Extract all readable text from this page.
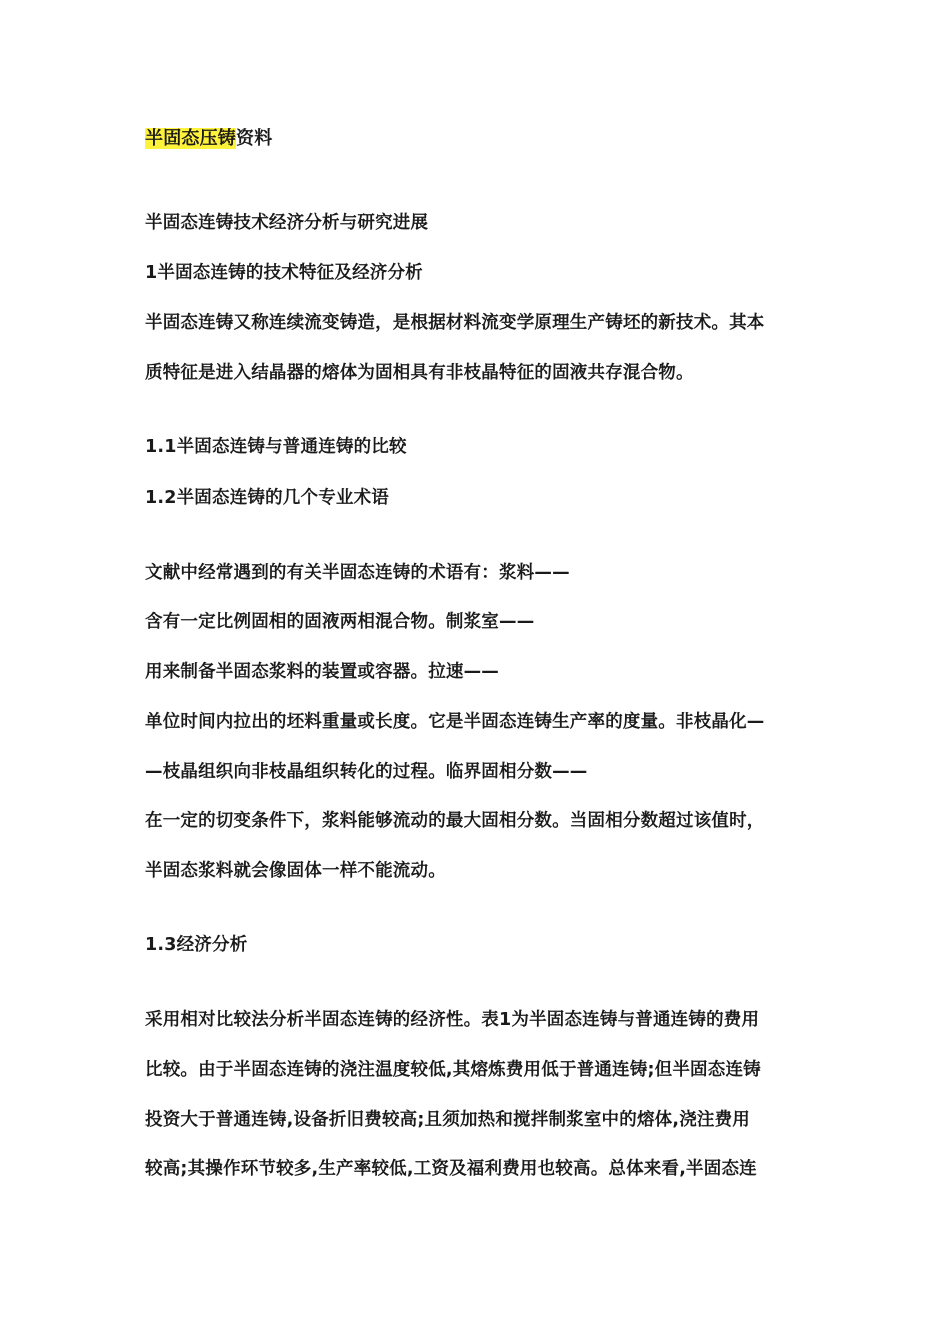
半固态压铸资料
半固态连铸技术经济分析与研究进展
1半固态连铸的技术特征及经济分析
半固态连铸又称连续流变铸造，是根据材料流变学原理生产铸坯的新技术。其本
质特征是进入结晶器的熔体为固相具有非枝晶特征的固液共存混合物。
1.1半固态连铸与普通连铸的比较
1.2半固态连铸的几个专业术语
文献中经常遇到的有关半固态连铸的术语有：浆料——
含有一定比例固相的固液两相混合物。制浆室——
用来制备半固态浆料的装置或容器。拉速——
单位时间内拉出的坯料重量或长度。它是半固态连铸生产率的度量。非枝晶化—
—枝晶组织向非枝晶组织转化的过程。临界固相分数——
在一定的切变条件下，浆料能够流动的最大固相分数。当固相分数超过该值时，
半固态浆料就会像固体一样不能流动。
1.3经济分析
采用相对比较法分析半固态连铸的经济性。表1为半固态连铸与普通连铸的费用
比较。由于半固态连铸的浇注温度较低,其熔炼费用低于普通连铸;但半固态连铸
投资大于普通连铸,设备折旧费较高;且须加热和搅拌制浆室中的熔体,浇注费用
较高;其操作环节较多,生产率较低,工资及福利费用也较高。总体来看,半固态连
